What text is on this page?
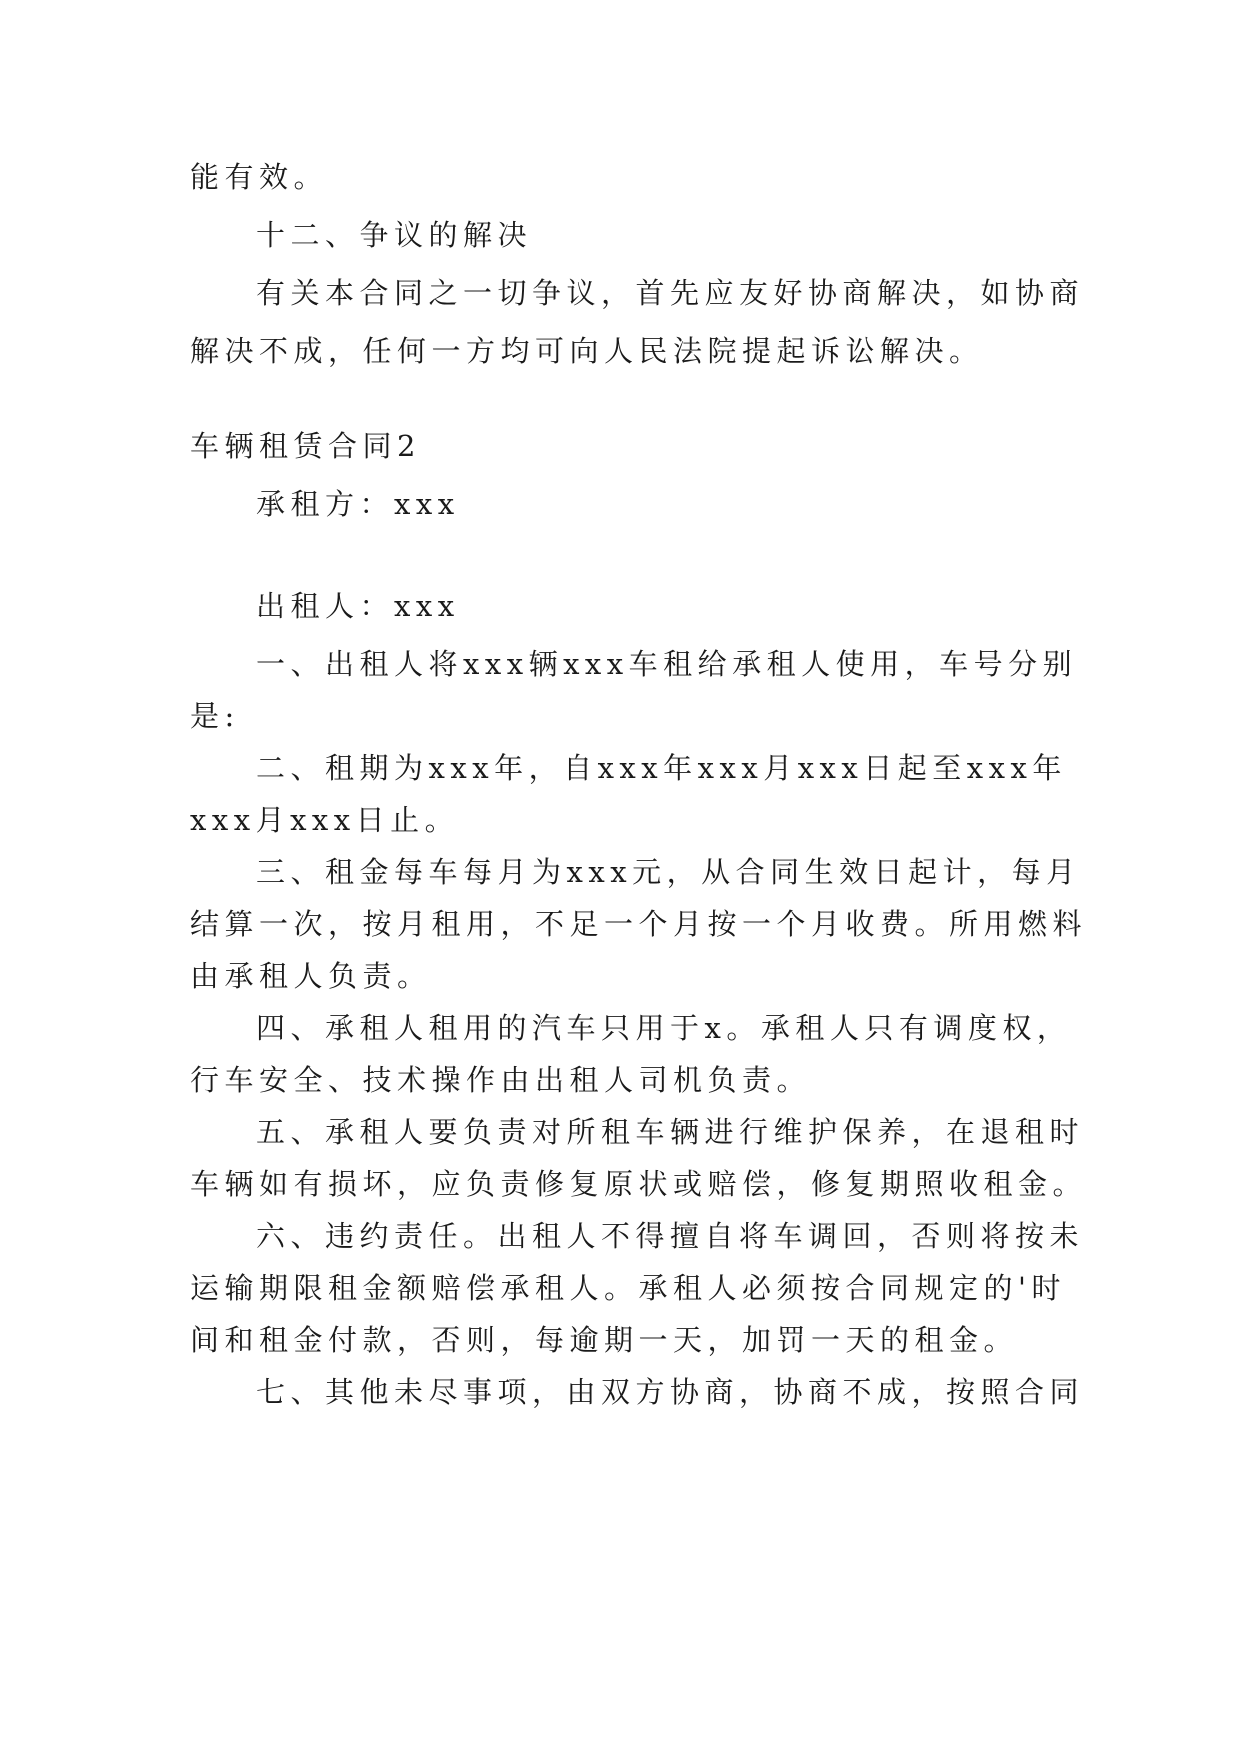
能有效。
十二、争议的解决
有关本合同之一切争议，首先应友好协商解决，如协商
解决不成，任何一方均可向人民法院提起诉讼解决。
车辆租赁合同2
承租方：xxx
出租人：xxx
一、出租人将xxx辆xxx车租给承租人使用，车号分别
是:
二、租期为xxx年，自xxx年xxx月xxx日起至xxx年
xxx月xxx日止。
三、租金每车每月为xxx元，从合同生效日起计，每月
结算一次，按月租用，不足一个月按一个月收费。所用燃料
由承租人负责。
四、承租人租用的汽车只用于x。承租人只有调度权，
行车安全、技术操作由出租人司机负责。
五、承租人要负责对所租车辆进行维护保养，在退租时
车辆如有损坏，应负责修复原状或赔偿，修复期照收租金。
六、违约责任。出租人不得擅自将车调回，否则将按未
运输期限租金额赔偿承租人。承租人必须按合同规定的'时
间和租金付款，否则，每逾期一天，加罚一天的租金。
七、其他未尽事项，由双方协商，协商不成，按照合同
